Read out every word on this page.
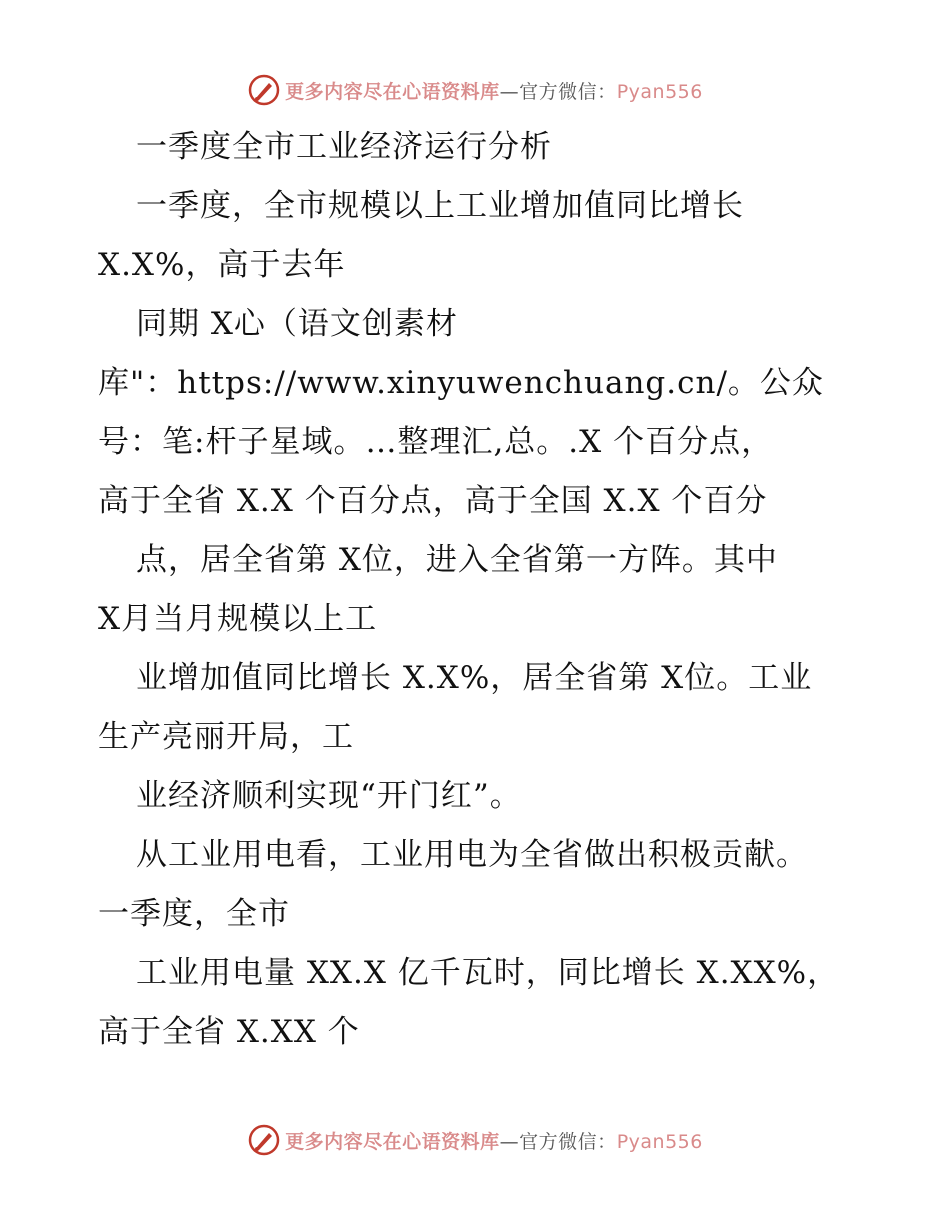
更多内容尽在心语资料库—官方微信：Pyan556
一季度全市工业经济运行分析
一季度，全市规模以上工业增加值同比增长
X.X%，高于去年
同期 X心（语文创素材
库"：https://www.xinyuwenchuang.cn/。公众
号：笔:杆子星域。…整理汇,总。.X 个百分点，
高于全省 X.X 个百分点，高于全国 X.X 个百分
点，居全省第 X位，进入全省第一方阵。其中
X月当月规模以上工
业增加值同比增长 X.X%，居全省第 X位。工业
生产亮丽开局，工
业经济顺利实现“开门红”。
从工业用电看，工业用电为全省做出积极贡献。
一季度，全市
工业用电量 XX.X 亿千瓦时，同比增长 X.XX%，
高于全省 X.XX 个
更多内容尽在心语资料库—官方微信：Pyan556
